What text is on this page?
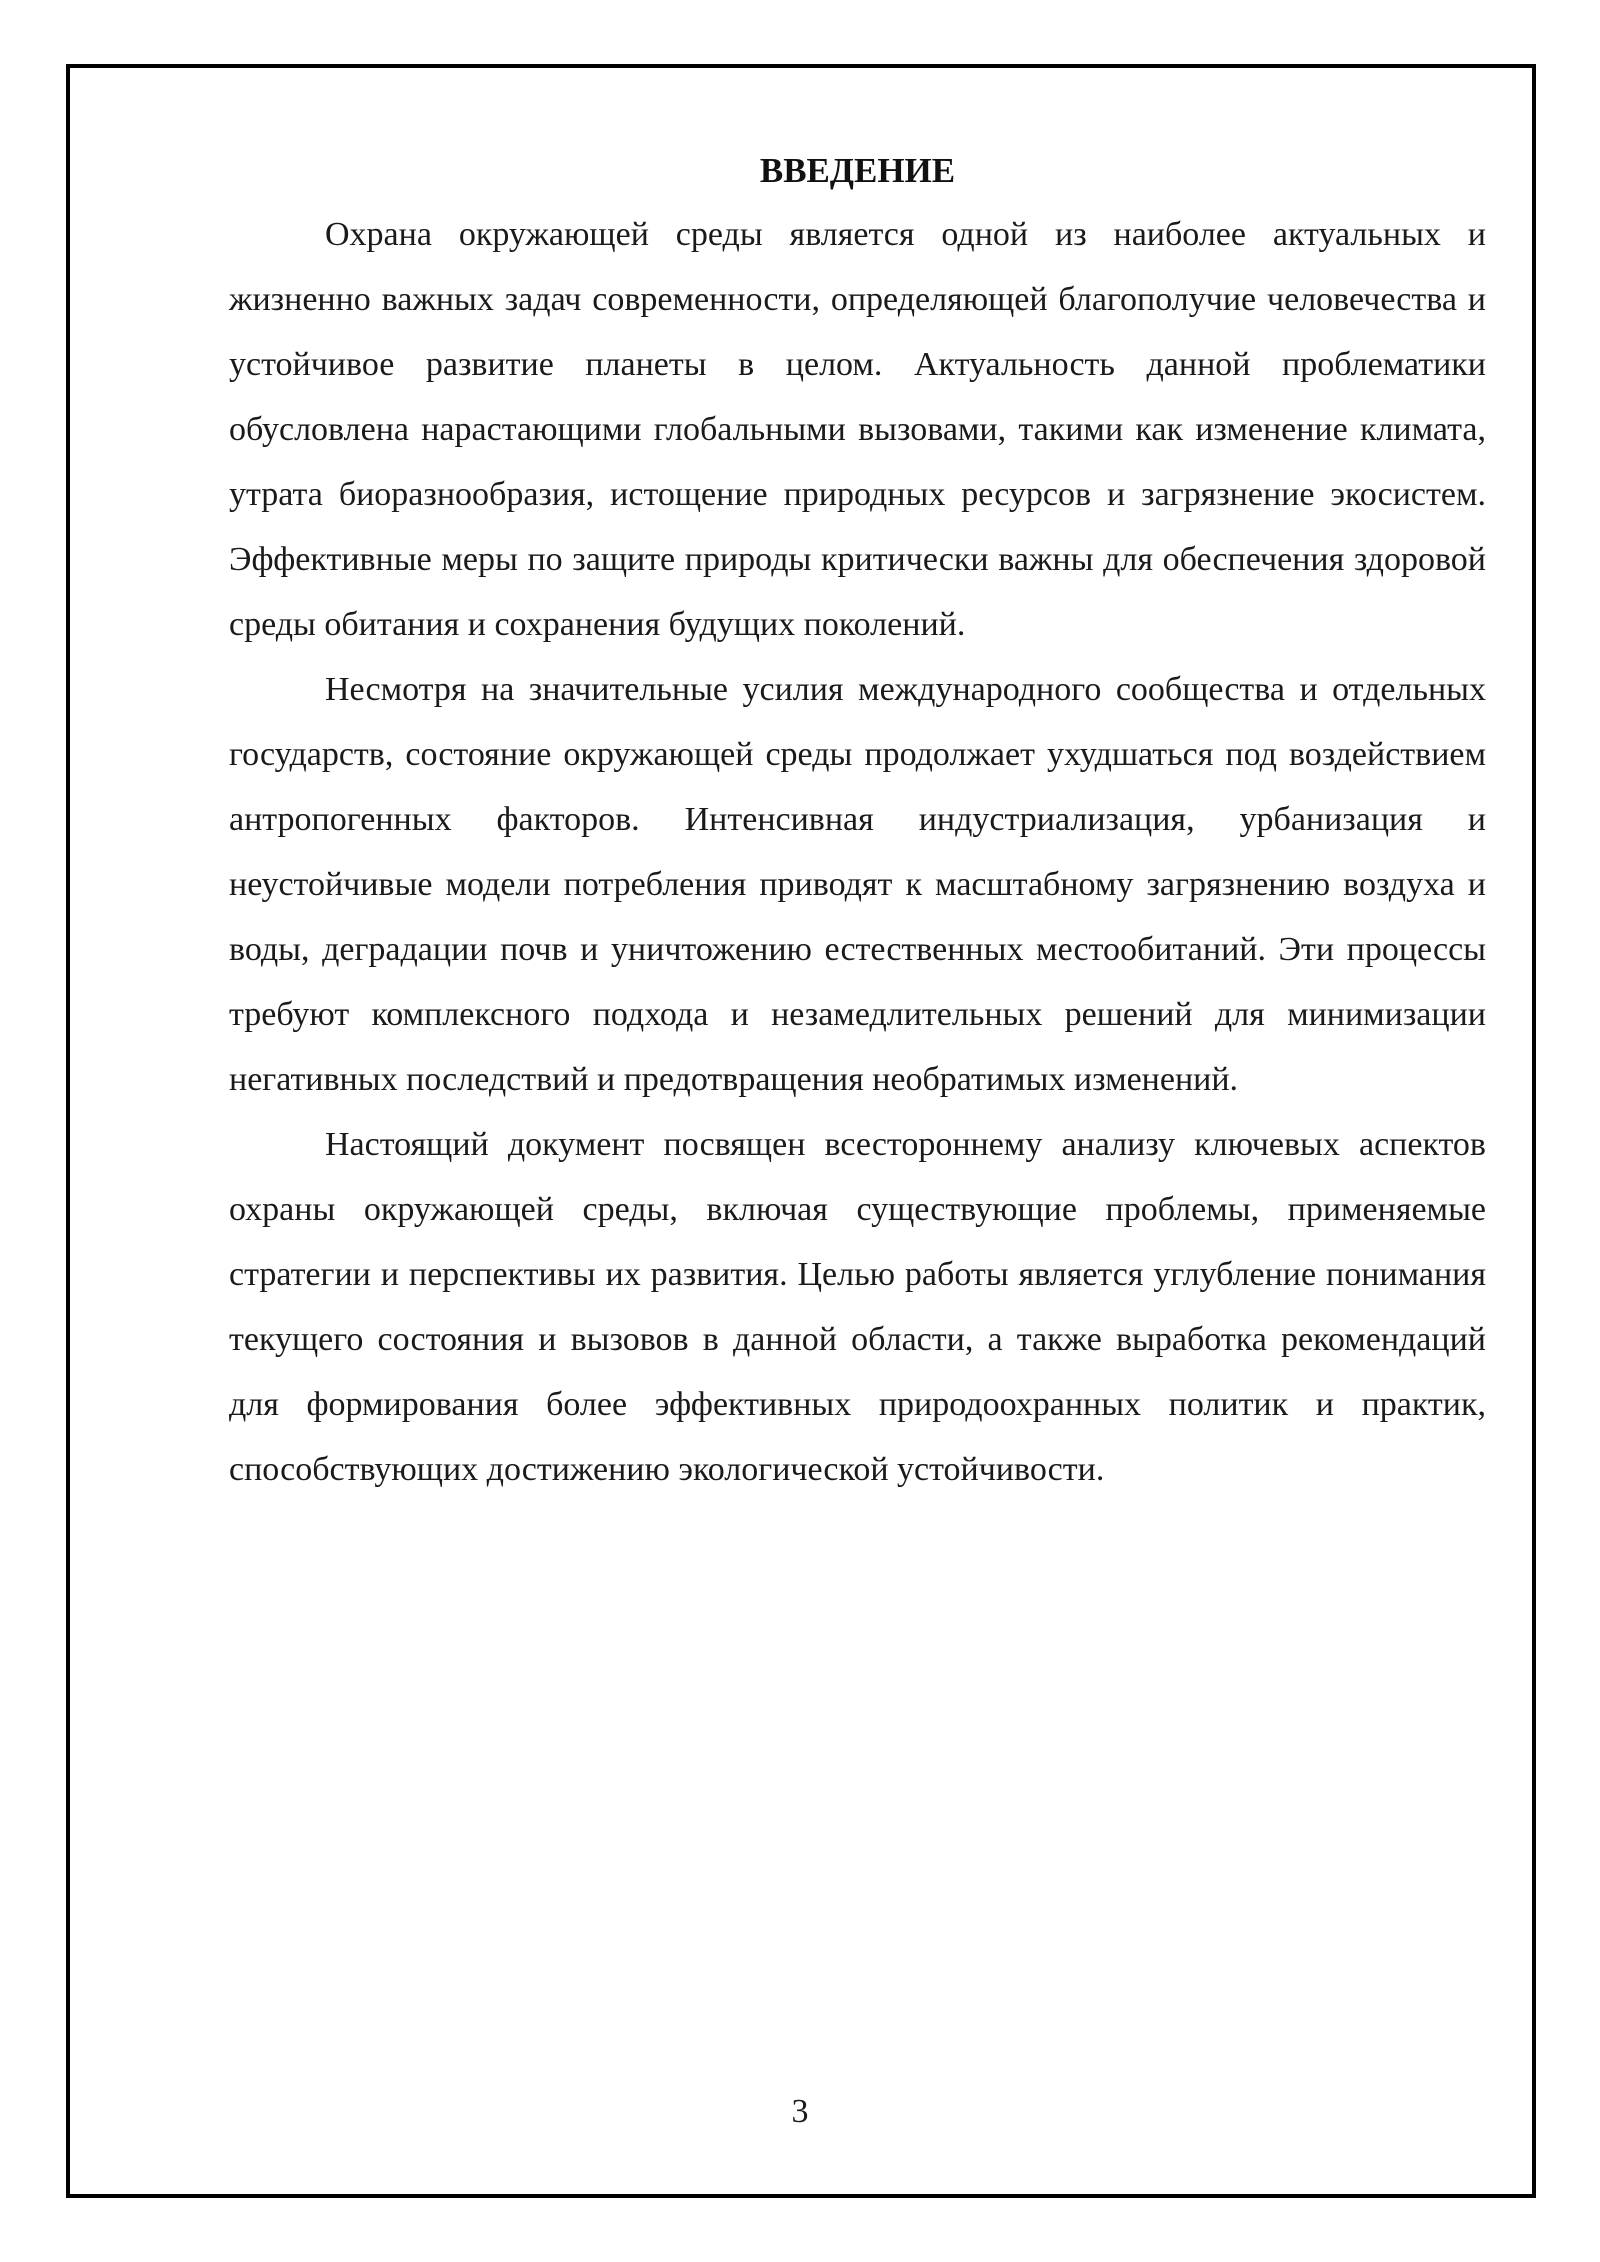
ВВЕДЕНИЕ

Охрана окружающей среды является одной из наиболее актуальных и жизненно важных задач современности, определяющей благополучие человечества и устойчивое развитие планеты в целом. Актуальность данной проблематики обусловлена нарастающими глобальными вызовами, такими как изменение климата, утрата биоразнообразия, истощение природных ресурсов и загрязнение экосистем. Эффективные меры по защите природы критически важны для обеспечения здоровой среды обитания и сохранения будущих поколений.

Несмотря на значительные усилия международного сообщества и отдельных государств, состояние окружающей среды продолжает ухудшаться под воздействием антропогенных факторов. Интенсивная индустриализация, урбанизация и неустойчивые модели потребления приводят к масштабному загрязнению воздуха и воды, деградации почв и уничтожению естественных местообитаний. Эти процессы требуют комплексного подхода и незамедлительных решений для минимизации негативных последствий и предотвращения необратимых изменений.

Настоящий документ посвящен всестороннему анализу ключевых аспектов охраны окружающей среды, включая существующие проблемы, применяемые стратегии и перспективы их развития. Целью работы является углубление понимания текущего состояния и вызовов в данной области, а также выработка рекомендаций для формирования более эффективных природоохранных политик и практик, способствующих достижению экологической устойчивости.

3
